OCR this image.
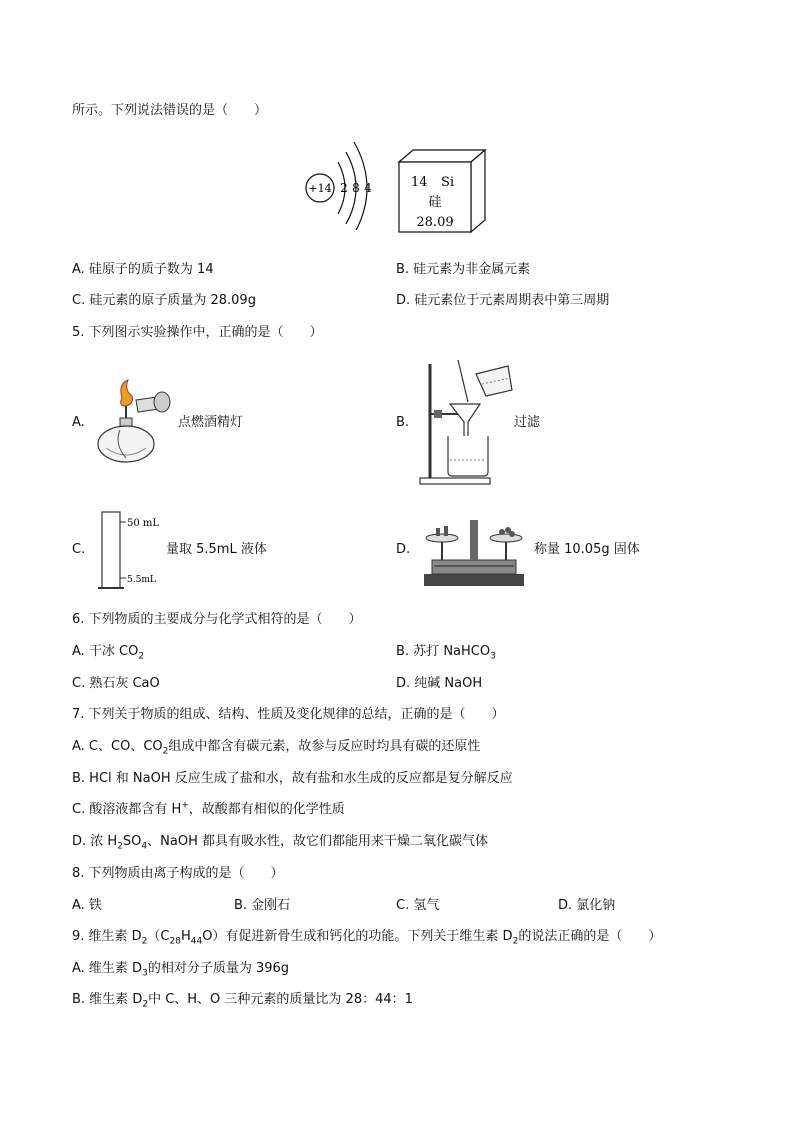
所示。下列说法错误的是（　　）
+14 2 8 4	14 Si
硅
28.09
A. 硅原子的质子数为 14	B. 硅元素为非金属元素
C. 硅元素的原子质量为 28.09g	D. 硅元素位于元素周期表中第三周期
5. 下列图示实验操作中，正确的是（　　）
A.	点燃酒精灯	B.	过滤
C.
50 mL
5.5mL
量取 5.5mL 液体	D.	称量 10.05g 固体
6. 下列物质的主要成分与化学式相符的是（　　）
A. 干冰 $CO_2$	B. 苏打 NaHCO$_3$
C. 熟石灰 CaO	D. 纯碱 NaOH
7. 下列关于物质的组成、结构、性质及变化规律的总结，正确的是（　　）
A. C、CO、$CO_2$组成中都含有碳元素，故参与反应时均具有碳的还原性
B. HCl 和 NaOH 反应生成了盐和水，故有盐和水生成的反应都是复分解反应
C. 酸溶液都含有 H+，故酸都有相似的化学性质
D. 浓 $H_2SO_4$、NaOH 都具有吸水性，故它们都能用来干燥二氧化碳气体
8. 下列物质由离子构成的是（　　）
A. 铁	B. 金刚石	C. 氢气	D. 氯化钠
9. 维生素 $D_2(C_{28}H_{44}O)$有促进新骨生成和钙化的功能。下列关于维生素 $D_2$的说法正确的是（　　）
A. 维生素 $D_3$的相对分子质量为 396g
B. 维生素 $D_2$中 C、H、O 三种元素的质量比为 28：44：1
